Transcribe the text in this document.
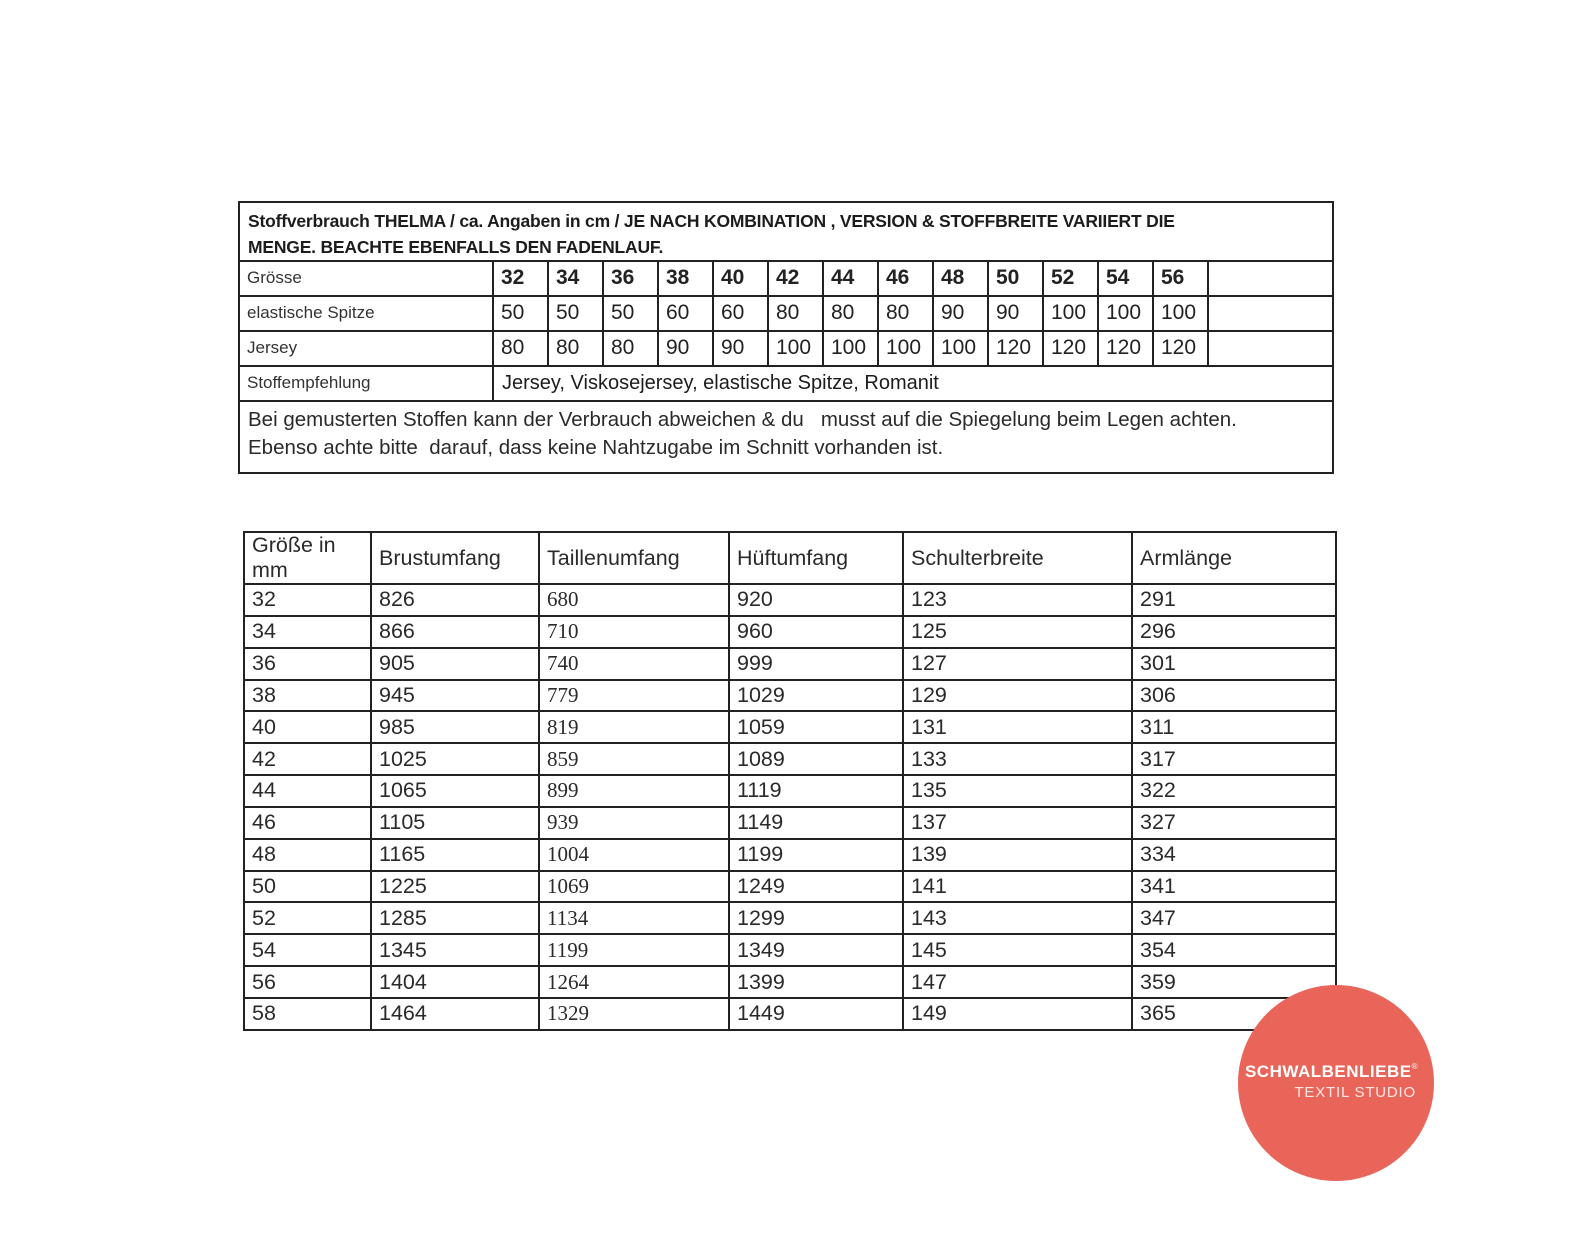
Stoffverbrauch THELMA / ca. Angaben in cm / JE NACH KOMBINATION , VERSION & STOFFBREITE VARIIERT DIE
MENGE. BEACHTE EBENFALLS DEN FADENLAUF.
Grösse	32	34	36	38	40	42	44	46	48	50	52	54	56
elastische Spitze	50	50	50	60	60	80	80	80	90	90	100 100 100
Jersey	80	80	80	90	90	100 100 100 100 120 120 120 120
Stoffempfehlung	Jersey, Viskosejersey, elastische Spitze, Romanit
Bei gemusterten Stoffen kann der Verbrauch abweichen & du   musst auf die Spiegelung beim Legen achten.
Ebenso achte bitte  darauf, dass keine Nahtzugabe im Schnitt vorhanden ist.
Größe in mm	Brustumfang	Taillenumfang	Hüftumfang	Schulterbreite	Armlänge
32	826	680	920	123	291
34	866	710	960	125	296
36	905	740	999	127	301
38	945	779	1029	129	306
40	985	819	1059	131	311
42	1025	859	1089	133	317
44	1065	899	1119	135	322
46	1105	939	1149	137	327
48	1165	1004	1199	139	334
50	1225	1069	1249	141	341
52	1285	1134	1299	143	347
54	1345	1199	1349	145	354
56	1404	1264	1399	147	359
58	1464	1329	1449	149	365
SCHWALBENLIEBE®
TEXTIL STUDIO
